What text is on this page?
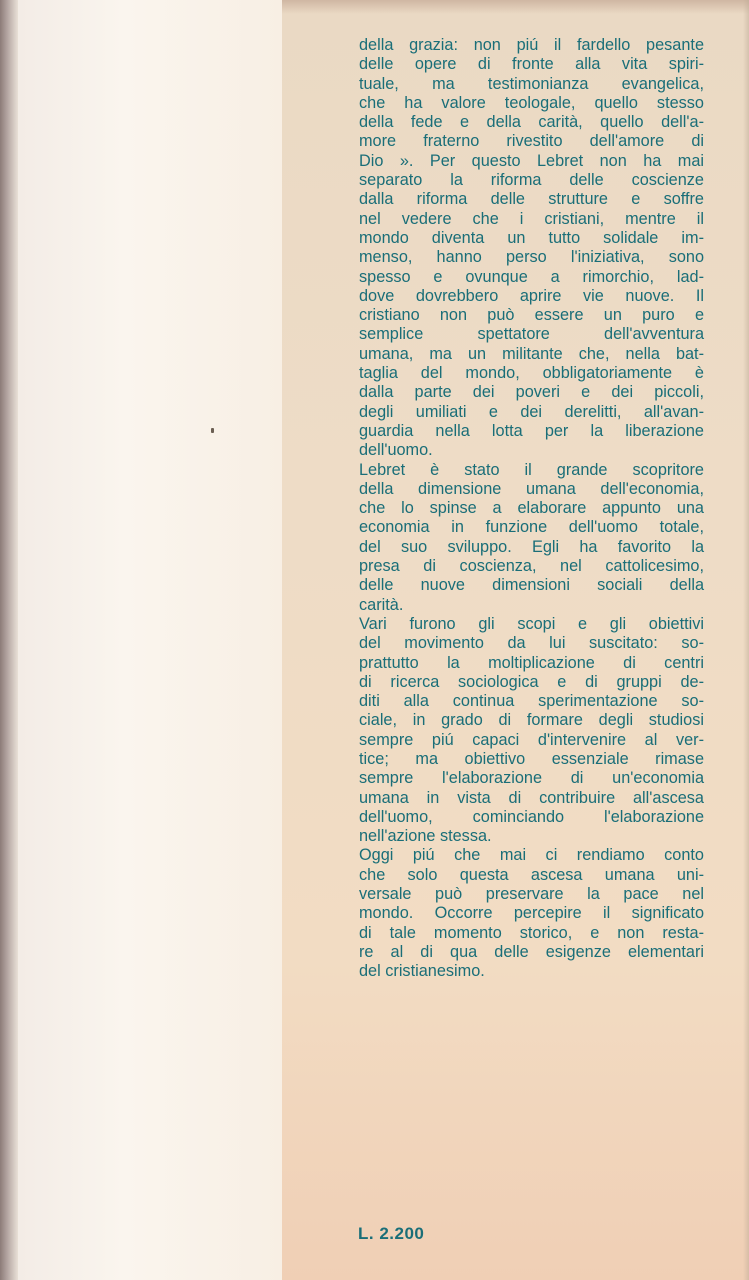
della grazia: non piú il fardello pesante
delle opere di fronte alla vita spiri-
tuale, ma testimonianza evangelica,
che ha valore teologale, quello stesso
della fede e della carità, quello dell'a-
more fraterno rivestito dell'amore di
Dio ». Per questo Lebret non ha mai
separato la riforma delle coscienze
dalla riforma delle strutture e soffre
nel vedere che i cristiani, mentre il
mondo diventa un tutto solidale im-
menso, hanno perso l'iniziativa, sono
spesso e ovunque a rimorchio, lad-
dove dovrebbero aprire vie nuove. Il
cristiano non può essere un puro e
semplice spettatore dell'avventura
umana, ma un militante che, nella bat-
taglia del mondo, obbligatoriamente è
dalla parte dei poveri e dei piccoli,
degli umiliati e dei derelitti, all'avan-
guardia nella lotta per la liberazione
dell'uomo.
Lebret è stato il grande scopritore
della dimensione umana dell'economia,
che lo spinse a elaborare appunto una
economia in funzione dell'uomo totale,
del suo sviluppo. Egli ha favorito la
presa di coscienza, nel cattolicesimo,
delle nuove dimensioni sociali della
carità.
Vari furono gli scopi e gli obiettivi
del movimento da lui suscitato: so-
prattutto la moltiplicazione di centri
di ricerca sociologica e di gruppi de-
diti alla continua sperimentazione so-
ciale, in grado di formare degli studiosi
sempre piú capaci d'intervenire al ver-
tice; ma obiettivo essenziale rimase
sempre l'elaborazione di un'economia
umana in vista di contribuire all'ascesa
dell'uomo, cominciando l'elaborazione
nell'azione stessa.
Oggi piú che mai ci rendiamo conto
che solo questa ascesa umana uni-
versale può preservare la pace nel
mondo. Occorre percepire il significato
di tale momento storico, e non resta-
re al di qua delle esigenze elementari
del cristianesimo.
L. 2.200
